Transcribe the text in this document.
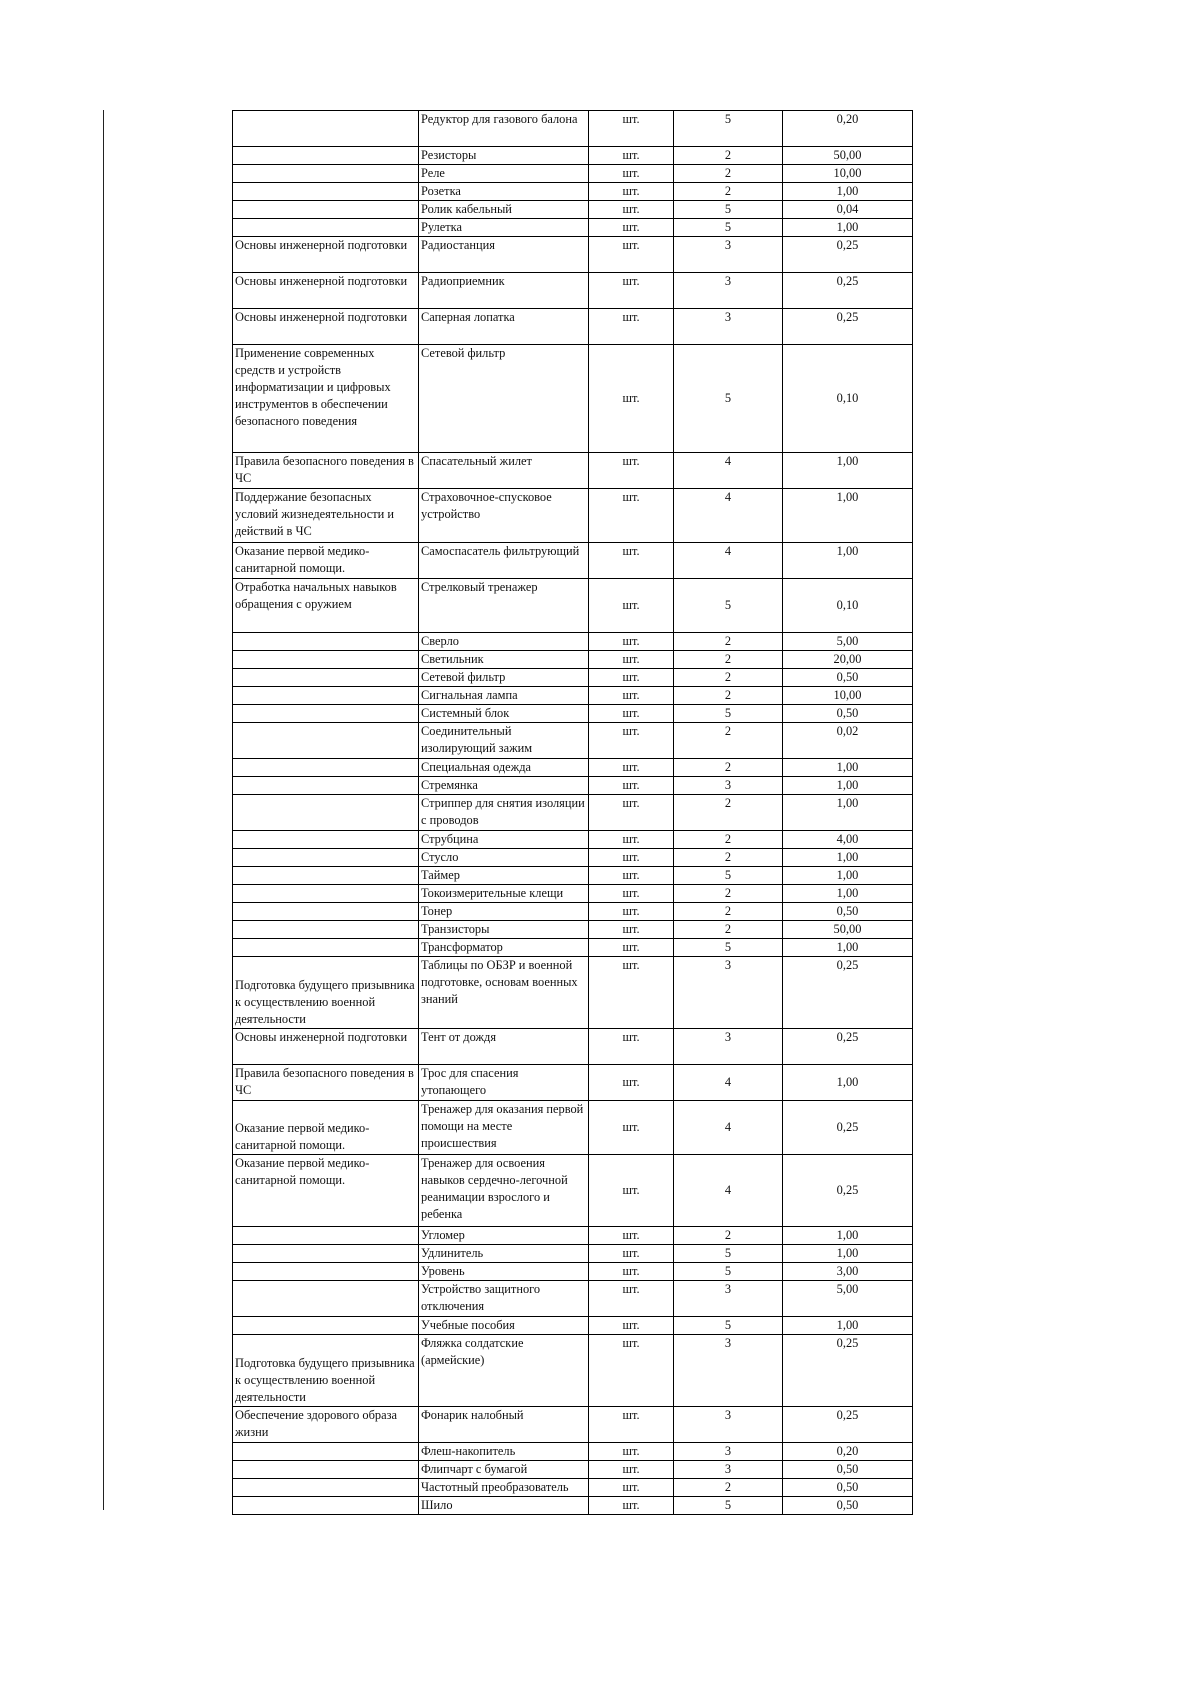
	Редуктор для газового балона	шт.	5	0,20
	Резисторы	шт.	2	50,00
	Реле	шт.	2	10,00
	Розетка	шт.	2	1,00
	Ролик кабельный	шт.	5	0,04
	Рулетка	шт.	5	1,00
Основы инженерной подготовки	Радиостанция	шт.	3	0,25
Основы инженерной подготовки	Радиоприемник	шт.	3	0,25
Основы инженерной подготовки	Саперная лопатка	шт.	3	0,25
Применение современных средств и устройств информатизации и цифровых инструментов в обеспечении безопасного поведения	Сетевой фильтр	шт.	5	0,10
Правила безопасного поведения в ЧС	Спасательный жилет	шт.	4	1,00
Поддержание безопасных условий жизнедеятельности и действий в ЧС	Страховочное-спусковое устройство	шт.	4	1,00
Оказание первой медико-санитарной помощи.	Самоспасатель фильтрующий	шт.	4	1,00
Отработка начальных навыков обращения с оружием	Стрелковый тренажер	шт.	5	0,10
	Сверло	шт.	2	5,00
	Светильник	шт.	2	20,00
	Сетевой фильтр	шт.	2	0,50
	Сигнальная лампа	шт.	2	10,00
	Системный блок	шт.	5	0,50
	Соединительный изолирующий зажим	шт.	2	0,02
	Специальная одежда	шт.	2	1,00
	Стремянка	шт.	3	1,00
	Стриппер для снятия изоляции с проводов	шт.	2	1,00
	Струбцина	шт.	2	4,00
	Стусло	шт.	2	1,00
	Таймер	шт.	5	1,00
	Токоизмерительные клещи	шт.	2	1,00
	Тонер	шт.	2	0,50
	Транзисторы	шт.	2	50,00
	Трансформатор	шт.	5	1,00
Подготовка будущего призывника к осуществлению военной деятельности	Таблицы по ОБЗР и военной подготовке, основам военных знаний	шт.	3	0,25
Основы инженерной подготовки	Тент от дождя	шт.	3	0,25
Правила безопасного поведения в ЧС	Трос для спасения утопающего	шт.	4	1,00
Оказание первой медико-санитарной помощи.	Тренажер для оказания первой помощи на месте происшествия	шт.	4	0,25
Оказание первой медико-санитарной помощи.	Тренажер для освоения навыков сердечно-легочной реанимации взрослого и ребенка	шт.	4	0,25
	Угломер	шт.	2	1,00
	Удлинитель	шт.	5	1,00
	Уровень	шт.	5	3,00
	Устройство защитного отключения	шт.	3	5,00
	Учебные пособия	шт.	5	1,00
Подготовка будущего призывника к осуществлению военной деятельности	Фляжка солдатские (армейские)	шт.	3	0,25
Обеспечение здорового образа жизни	Фонарик налобный	шт.	3	0,25
	Флеш-накопитель	шт.	3	0,20
	Флипчарт с бумагой	шт.	3	0,50
	Частотный преобразователь	шт.	2	0,50
	Шило	шт.	5	0,50
